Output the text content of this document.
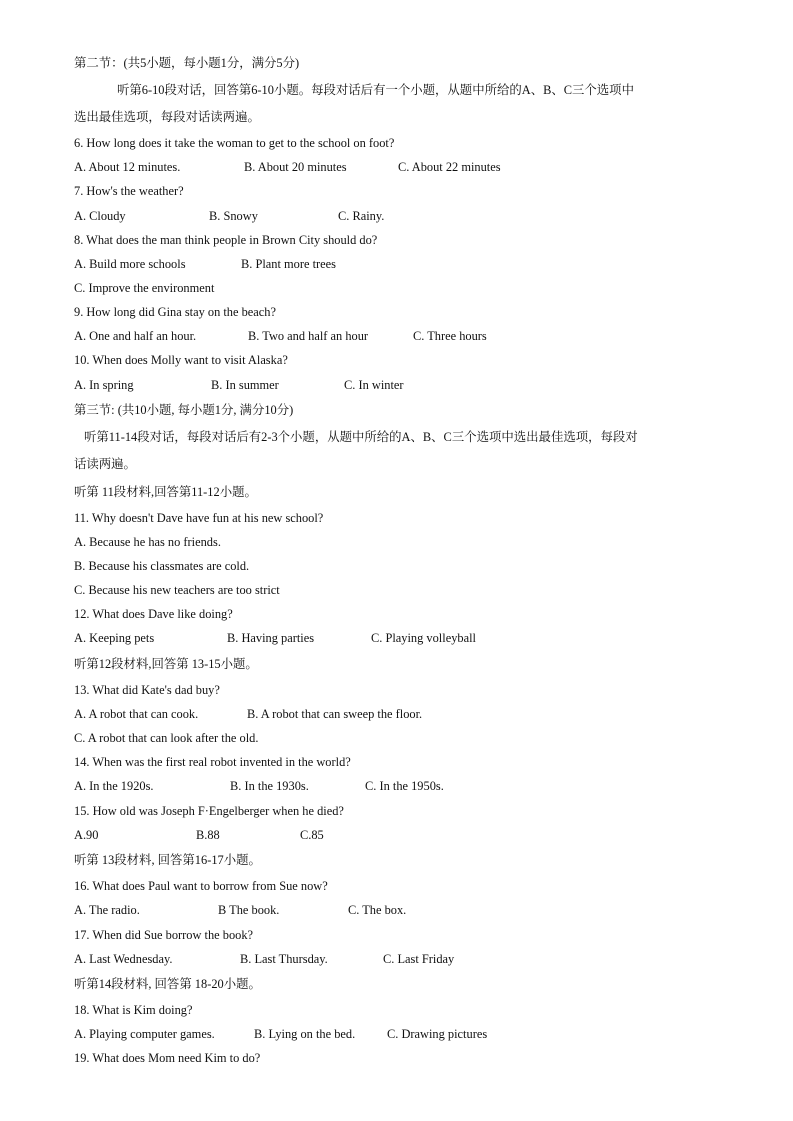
第二节：(共5小题，每小题1分，满分5分)
听第6-10段对话，回答第6-10小题。每段对话后有一个小题，从题中所给的A、B、C三个选项中
选出最佳选项，每段对话读两遍。
6. How long does it take the woman to get to the school on foot?
A. About 12 minutes.	B. About 20 minutes	C. About 22 minutes
7. How's the weather?
A. Cloudy	B. Snowy	C. Rainy.
8. What does the man think people in Brown City should do?
A. Build more schools	B. Plant more trees
C. Improve the environment
9. How long did Gina stay on the beach?
A. One and half an hour.	B. Two and half an hour	C. Three hours
10. When does Molly want to visit Alaska?
A. In spring	B. In summer	C. In winter
第三节: (共10小题, 每小题1分, 满分10分)
听第11-14段对话，每段对话后有2-3个小题，从题中所给的A、B、C三个选项中选出最佳选项，每段对
话读两遍。
听第 11段材料,回答第11-12小题。
11. Why doesn't Dave have fun at his new school?
A. Because he has no friends.
B. Because his classmates are cold.
C. Because his new teachers are too strict
12. What does Dave like doing?
A. Keeping pets	B. Having parties	C. Playing volleyball
听第12段材料,回答第 13-15小题。
13. What did Kate's dad buy?
A. A robot that can cook.	B. A robot that can sweep the floor.
C. A robot that can look after the old.
14. When was the first real robot invented in the world?
A. In the 1920s.	B. In the 1930s.	C. In the 1950s.
15. How old was Joseph F·Engelberger when he died?
A.90	B.88	C.85
听第 13段材料, 回答第16-17小题。
16. What does Paul want to borrow from Sue now?
A. The radio.	B The book.	C. The box.
17. When did Sue borrow the book?
A. Last Wednesday.	B. Last Thursday.	C. Last Friday
听第14段材料, 回答第 18-20小题。
18. What is Kim doing?
A. Playing computer games.	B. Lying on the bed.	C. Drawing pictures
19. What does Mom need Kim to do?
